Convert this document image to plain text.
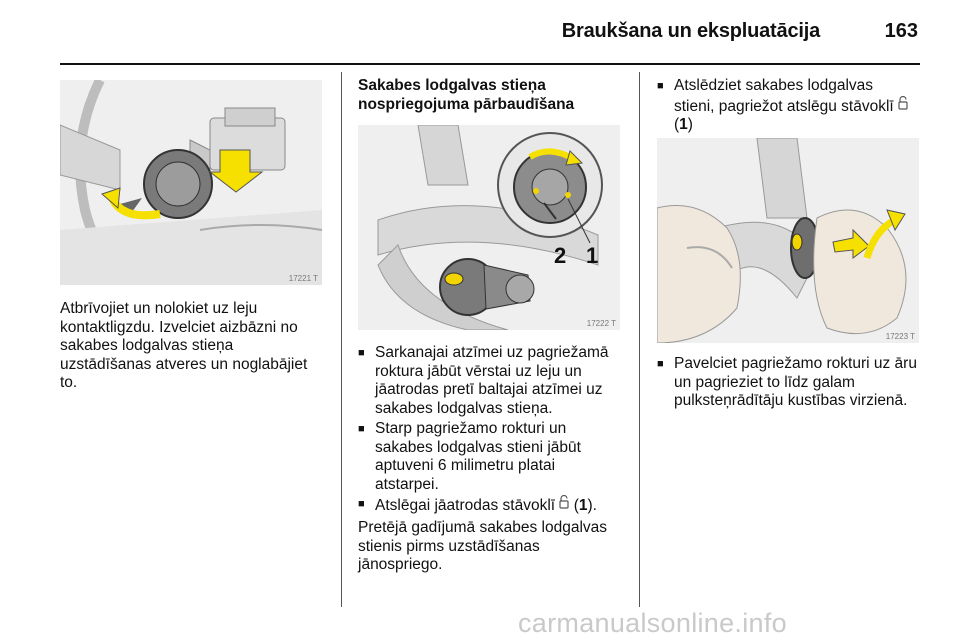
Braukšana un ekspluatācija	163
17221 T
Atbrīvojiet un nolokiet uz leju
kontaktligzdu. Izvelciet aizbāzni no
sakabes lodgalvas stieņa
uzstādīšanas atveres un noglabājiet
to.
Sakabes lodgalvas stieņa
nospriegojuma pārbaudīšana
2 1
17222 T
■ Sarkanajai atzīmei uz pagriežamā
roktura jābūt vērstai uz leju un
jāatrodas pretī baltajai atzīmei uz
sakabes lodgalvas stieņa.
■ Starp pagriežamo rokturi un
sakabes lodgalvas stieni jābūt
aptuveni 6 milimetru platai
atstarpei.
■ Atslēgai jāatrodas stāvoklī (1).
Pretējā gadījumā sakabes lodgalvas
stienis pirms uzstādīšanas
jānospriego.
■ Atslēdziet sakabes lodgalvas
stieni, pagriežot atslēgu stāvoklī
(1)
17223 T
■ Pavelciet pagriežamo rokturi uz āru
un pagrieziet to līdz galam
pulksteņrādītāju kustības virzienā.
carmanualsonline.info
